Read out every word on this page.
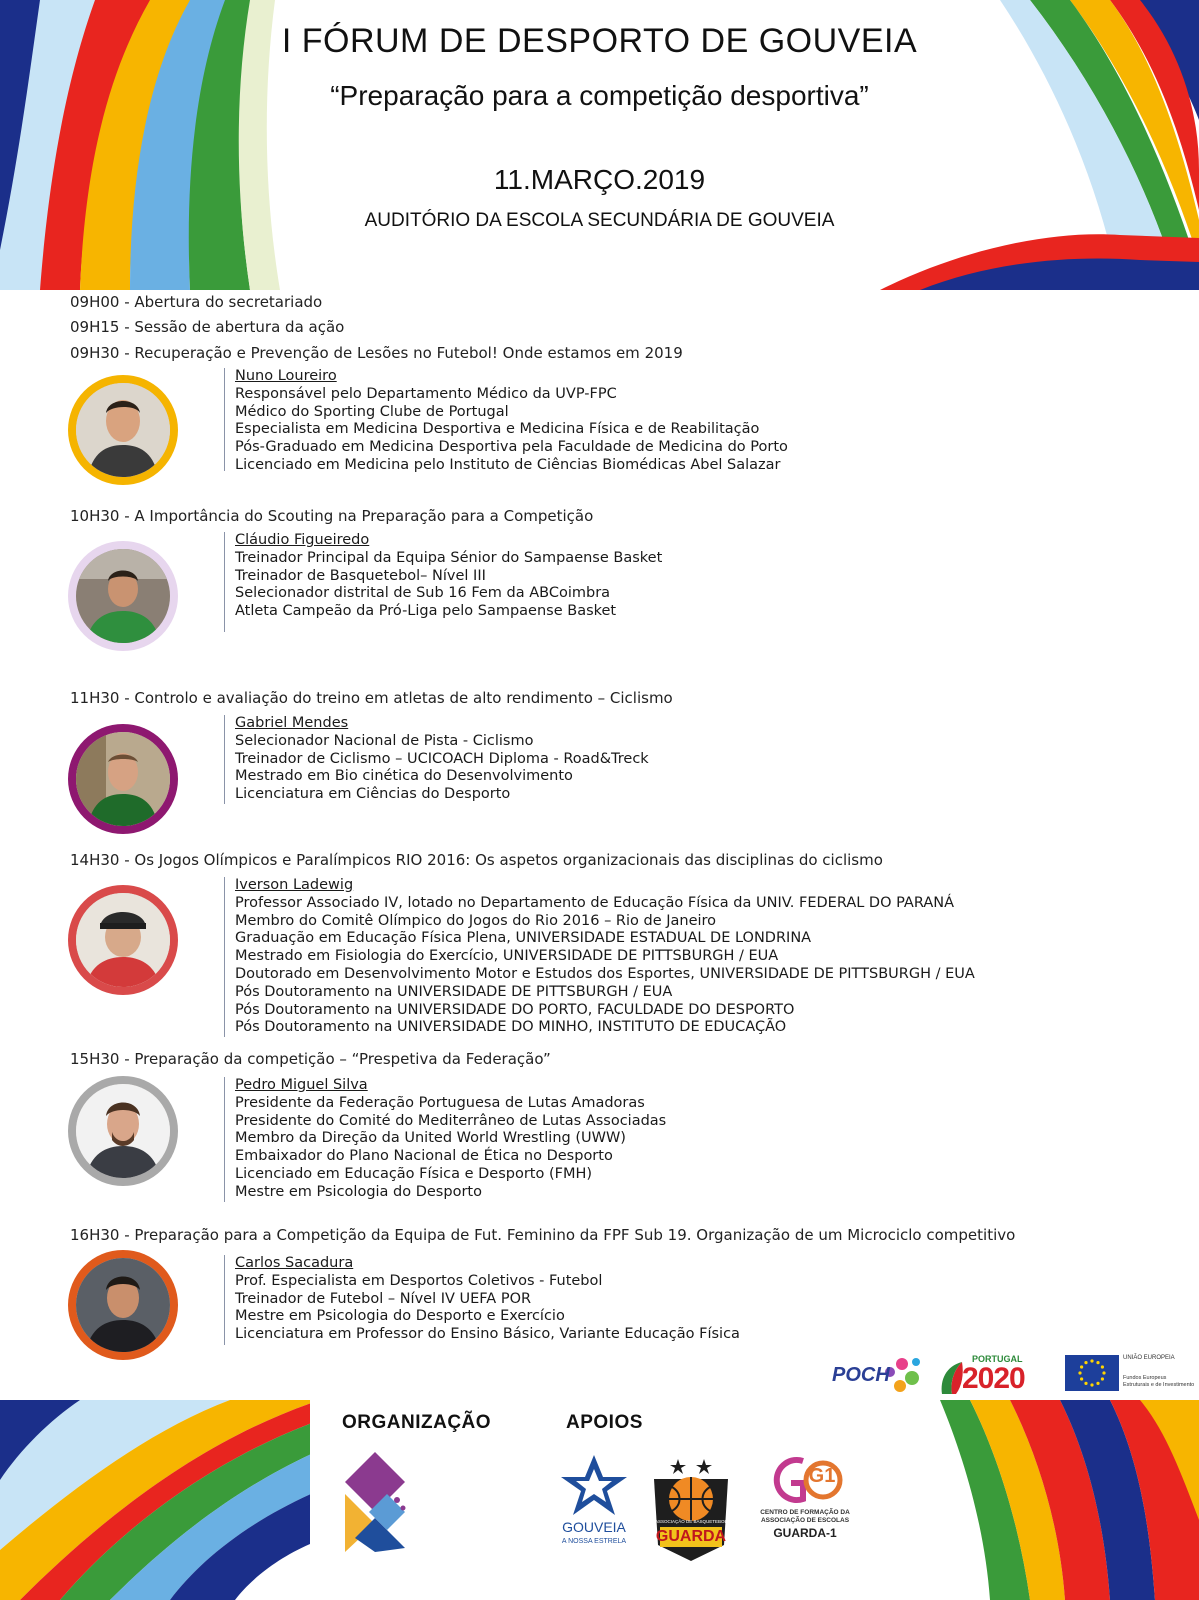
I FÓRUM DE DESPORTO DE GOUVEIA
“Preparação para a competição desportiva”
11.MARÇO.2019
AUDITÓRIO DA ESCOLA SECUNDÁRIA DE GOUVEIA
09H00 - Abertura do secretariado
09H15 - Sessão de abertura da ação
09H30 - Recuperação e Prevenção de Lesões no Futebol! Onde estamos em 2019
10H30 - A Importância do Scouting na Preparação para a Competição
11H30 - Controlo e avaliação do treino em atletas de alto rendimento – Ciclismo
14H30 - Os Jogos Olímpicos e Paralímpicos RIO 2016: Os aspetos organizacionais das disciplinas do ciclismo
15H30 - Preparação da competição – “Prespetiva da Federação”
16H30 - Preparação para a Competição da Equipa de Fut. Feminino da FPF Sub 19. Organização de um Microciclo competitivo
Nuno Loureiro
Responsável pelo Departamento Médico da UVP-FPC
Médico do Sporting Clube de Portugal
Especialista em Medicina Desportiva e Medicina Física e de Reabilitação
Pós-Graduado em Medicina Desportiva pela Faculdade de Medicina do Porto
Licenciado em Medicina pelo Instituto de Ciências Biomédicas Abel Salazar
Cláudio Figueiredo
Treinador Principal da Equipa Sénior do Sampaense Basket
Treinador de Basquetebol– Nível III
Selecionador distrital de Sub 16 Fem da ABCoimbra
Atleta Campeão da Pró-Liga pelo Sampaense Basket
Gabriel Mendes
Selecionador Nacional de Pista - Ciclismo
Treinador de Ciclismo – UCICOACH Diploma - Road&Treck
Mestrado em Bio cinética do Desenvolvimento
Licenciatura em Ciências do Desporto
Iverson Ladewig
Professor Associado IV, lotado no Departamento de Educação Física da UNIV. FEDERAL DO PARANÁ
Membro do Comitê Olímpico do Jogos do Rio 2016 – Rio de Janeiro
Graduação em Educação Física Plena, UNIVERSIDADE ESTADUAL DE LONDRINA
Mestrado em Fisiologia do Exercício, UNIVERSIDADE DE PITTSBURGH / EUA
Doutorado em Desenvolvimento Motor e Estudos dos Esportes, UNIVERSIDADE DE PITTSBURGH / EUA
Pós Doutoramento na UNIVERSIDADE DE PITTSBURGH / EUA
Pós Doutoramento na UNIVERSIDADE DO PORTO, FACULDADE DO DESPORTO
Pós Doutoramento na UNIVERSIDADE DO MINHO, INSTITUTO DE EDUCAÇÃO
Pedro Miguel Silva
Presidente da Federação Portuguesa de Lutas Amadoras
Presidente do Comité do Mediterrâneo de Lutas Associadas
Membro da Direção da United World Wrestling (UWW)
Embaixador do Plano Nacional de Ética no Desporto
Licenciado em Educação Física e Desporto (FMH)
Mestre em Psicologia do Desporto
Carlos Sacadura
Prof. Especialista em Desportos Coletivos - Futebol
Treinador de Futebol – Nível IV UEFA POR
Mestre em Psicologia do Desporto e Exercício
Licenciatura em Professor do Ensino Básico, Variante Educação Física
POCH
PORTUGAL
2020
UNIÃO EUROPEIA
Fundos Europeus
Estruturais e de Investimento
ORGANIZAÇÃO	APOIOS
GOUVEIA
A NOSSA ESTRELA
ASSOCIAÇÃO DE BASQUETEBOL
GUARDA
G1
CENTRO DE FORMAÇÃO DA
ASSOCIAÇÃO DE ESCOLAS
GUARDA-1
